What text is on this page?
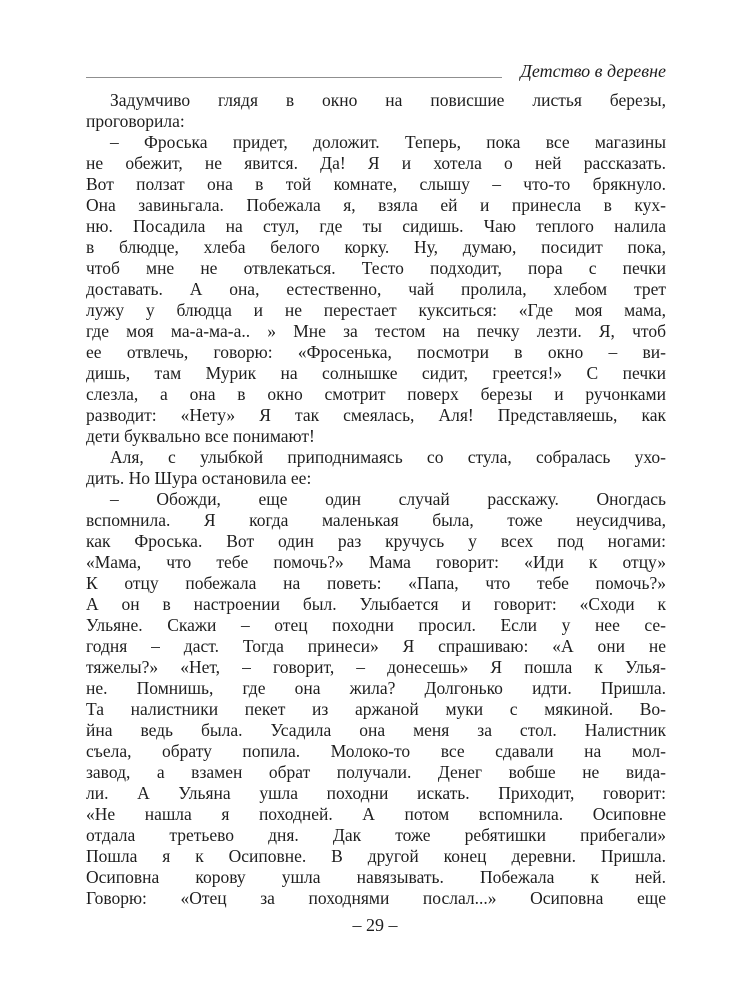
Детство в деревне
Задумчиво глядя в окно на повисшие листья березы,
проговорила:
– Фроська придет, доложит. Теперь, пока все магазины
не обежит, не явится. Да! Я и хотела о ней рассказать.
Вот ползат она в той комнате, слышу – что-то брякнуло.
Она завиньгала. Побежала я, взяла ей и принесла в кух-
ню. Посадила на стул, где ты сидишь. Чаю теплого налила
в блюдце, хлеба белого корку. Ну, думаю, посидит пока,
чтоб мне не отвлекаться. Тесто подходит, пора с печки
доставать. А она, естественно, чай пролила, хлебом трет
лужу у блюдца и не перестает кукситься: «Где моя мама,
где моя ма-а-ма-а.. » Мне за тестом на печку лезти. Я, чтоб
ее отвлечь, говорю: «Фросенька, посмотри в окно – ви-
дишь, там Мурик на солнышке сидит, греется!» С печки
слезла, а она в окно смотрит поверх березы и ручонками
разводит: «Нету» Я так смеялась, Аля! Представляешь, как
дети буквально все понимают!
Аля, с улыбкой приподнимаясь со стула, собралась ухо-
дить. Но Шура остановила ее:
– Обожди, еще один случай расскажу. Оногдась
вспомнила. Я когда маленькая была, тоже неусидчива,
как Фроська. Вот один раз кручусь у всех под ногами:
«Мама, что тебе помочь?» Мама говорит: «Иди к отцу»
К отцу побежала на поветь: «Папа, что тебе помочь?»
А он в настроении был. Улыбается и говорит: «Сходи к
Ульяне. Скажи – отец походни просил. Если у нее се-
годня – даст. Тогда принеси» Я спрашиваю: «А они не
тяжелы?» «Нет, – говорит, – донесешь» Я пошла к Улья-
не. Помнишь, где она жила? Долгонько идти. Пришла.
Та налистники пекет из аржаной муки с мякиной. Во-
йна ведь была. Усадила она меня за стол. Налистник
съела, обрату попила. Молоко-то все сдавали на мол-
завод, а взамен обрат получали. Денег вобше не вида-
ли. А Ульяна ушла походни искать. Приходит, говорит:
«Не нашла я походней. А потом вспомнила. Осиповне
отдала третьево дня. Дак тоже ребятишки прибегали»
Пошла я к Осиповне. В другой конец деревни. Пришла.
Осиповна корову ушла навязывать. Побежала к ней.
Говорю: «Отец за походнями послал...» Осиповна еще
– 29 –
